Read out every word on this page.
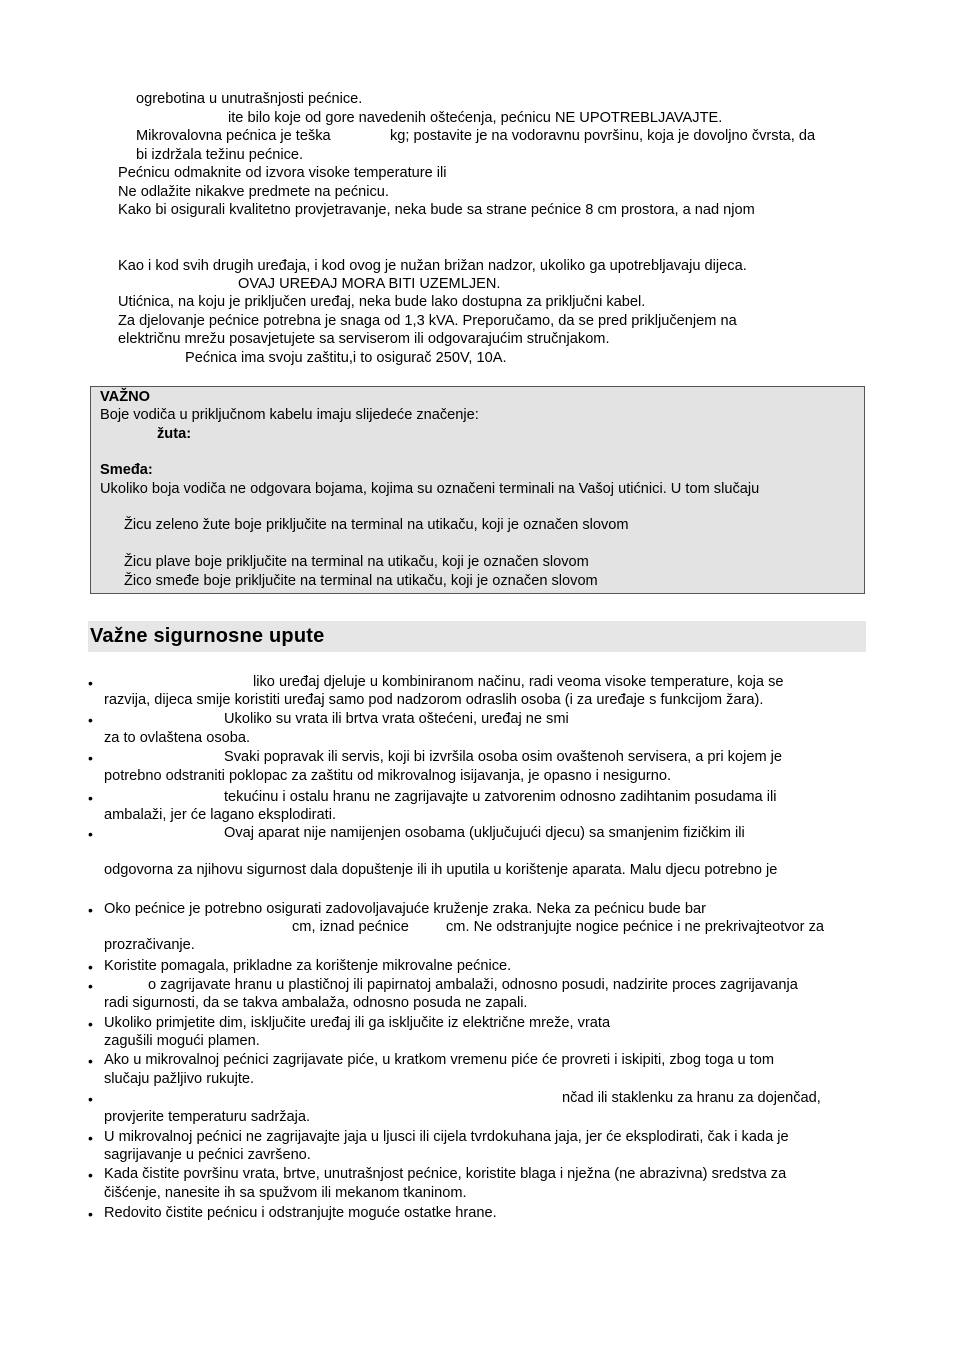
ogrebotina u unutrašnjosti pećnice.
ite bilo koje od gore navedenih oštećenja, pećnicu NE UPOTREBLJAVAJTE.
Mikrovalovna pećnica je teška	kg; postavite je na vodoravnu površinu, koja je dovoljno čvrsta, da
bi izdržala težinu pećnice.
Pećnicu odmaknite od izvora visoke temperature ili
Ne odlažite nikakve predmete na pećnicu.
Kako bi osigurali kvalitetno provjetravanje, neka bude sa strane pećnice 8 cm prostora, a nad njom
Kao i kod svih drugih uređaja, i kod ovog je nužan brižan nadzor, ukoliko ga upotrebljavaju dijeca.
OVAJ UREĐAJ MORA BITI UZEMLJEN.
Utićnica, na koju je priključen uređaj, neka bude lako dostupna za priključni kabel.
Za djelovanje pećnice potrebna je snaga od 1,3 kVA. Preporučamo, da se pred priključenjem na
električnu mrežu posavjetujete sa serviserom ili odgovarajućim stručnjakom.
Pećnica ima svoju zaštitu,i to osigurač 250V, 10A.
VAŽNO
Boje vodiča u priključnom kabelu imaju slijedeće značenje:
žuta:
Smeđa:
Ukoliko boja vodiča ne odgovara bojama, kojima su označeni terminali na Vašoj utićnici. U tom slučaju
Žicu zeleno žute boje priključite na terminal na utikaču, koji je označen slovom
Žicu plave boje priključite na terminal na utikaču, koji je označen slovom
Žico smeđe boje priključite na terminal na utikaču, koji je označen slovom
Važne sigurnosne upute
•	liko uređaj djeluje u kombiniranom načinu, radi veoma visoke temperature, koja se
razvija, dijeca smije koristiti uređaj samo pod nadzorom odraslih osoba (i za uređaje s funkcijom žara).
•	Ukoliko su vrata ili brtva vrata oštećeni, uređaj ne smi
za to ovlaštena osoba.
•	Svaki popravak ili servis, koji bi izvršila osoba osim ovaštenoh servisera, a pri kojem je
potrebno odstraniti poklopac za zaštitu od mikrovalnog isijavanja, je opasno i nesigurno.
•	tekućinu i ostalu hranu ne zagrijavajte u zatvorenim odnosno zadihtanim posudama ili
ambalaži, jer će lagano eksplodirati.
•	Ovaj aparat nije namijenjen osobama (uključujući djecu) sa smanjenim fizičkim ili
odgovorna za njihovu sigurnost dala dopuštenje ili ih uputila u korištenje aparata. Malu djecu potrebno je
• Oko pećnice je potrebno osigurati zadovoljavajuće kruženje zraka. Neka za pećnicu bude bar
cm, iznad pećnice	cm. Ne odstranjujte nogice pećnice i ne prekrivajteotvor za
prozračivanje.
• Koristite pomagala, prikladne za korištenje mikrovalne pećnice.
•	o zagrijavate hranu u plastičnoj ili papirnatoj ambalaži, odnosno posudi, nadzirite proces zagrijavanja
radi sigurnosti, da se takva ambalaža, odnosno posuda ne zapali.
• Ukoliko primjetite dim, isključite uređaj ili ga isključite iz električne mreže, vrata
zagušili mogući plamen.
• Ako u mikrovalnoj pećnici zagrijavate piće, u kratkom vremenu piće će provreti i iskipiti, zbog toga u tom
slučaju pažljivo rukujte.
•	nčad ili staklenku za hranu za dojenčad,
provjerite temperaturu sadržaja.
• U mikrovalnoj pećnici ne zagrijavajte jaja u ljusci ili cijela tvrdokuhana jaja, jer će eksplodirati, čak i kada je
sagrijavanje u pećnici završeno.
• Kada čistite površinu vrata, brtve, unutrašnjost pećnice, koristite blaga i nježna (ne abrazivna) sredstva za
čišćenje, nanesite ih sa spužvom ili mekanom tkaninom.
• Redovito čistite pećnicu i odstranjujte moguće ostatke hrane.
